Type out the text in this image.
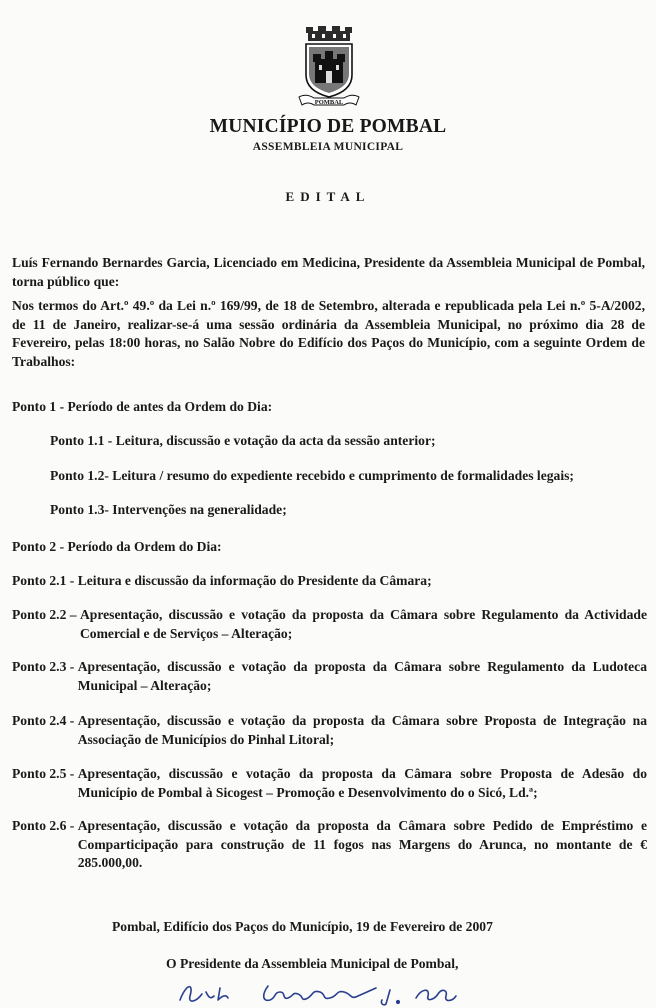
POMBAL
MUNICÍPIO DE POMBAL
ASSEMBLEIA MUNICIPAL
EDITAL
Luís Fernando Bernardes Garcia, Licenciado em Medicina, Presidente da Assembleia Municipal de Pombal, torna público que:
Nos termos do Art.º 49.º da Lei n.º 169/99, de 18 de Setembro, alterada e republicada pela Lei n.º 5-A/2002, de 11 de Janeiro, realizar-se-á uma sessão ordinária da Assembleia Municipal, no próximo dia 28 de Fevereiro, pelas 18:00 horas, no Salão Nobre do Edifício dos Paços do Município, com a seguinte Ordem de Trabalhos:
Ponto 1 - Período de antes da Ordem do Dia:
Ponto 1.1 - Leitura, discussão e votação da acta da sessão anterior;
Ponto 1.2- Leitura / resumo do expediente recebido e cumprimento de formalidades legais;
Ponto 1.3- Intervenções na generalidade;
Ponto 2 - Período da Ordem do Dia:
Ponto 2.1 - Leitura e discussão da informação do Presidente da Câmara;
Ponto 2.2 – Apresentação, discussão e votação da proposta da Câmara sobre Regulamento da Actividade Comercial e de Serviços – Alteração;
Ponto 2.3 - Apresentação, discussão e votação da proposta da Câmara sobre Regulamento da Ludoteca Municipal – Alteração;
Ponto 2.4 - Apresentação, discussão e votação da proposta da Câmara sobre Proposta de Integração na Associação de Municípios do Pinhal Litoral;
Ponto 2.5 - Apresentação, discussão e votação da proposta da Câmara sobre Proposta de Adesão do Município de Pombal à Sicogest – Promoção e Desenvolvimento do o Sicó, Ld.ª;
Ponto 2.6 - Apresentação, discussão e votação da proposta da Câmara sobre Pedido de Empréstimo e Comparticipação para construção de 11 fogos nas Margens do Arunca, no montante de € 285.000,00.
Pombal, Edifício dos Paços do Município, 19 de Fevereiro de 2007
O Presidente da Assembleia Municipal de Pombal,
